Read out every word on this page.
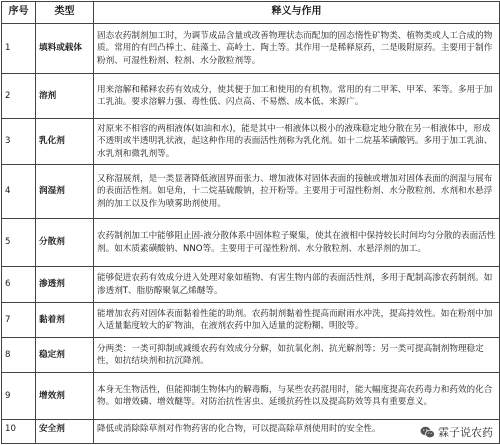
序号	类型	释义与作用
1	填料或载体	固态农药制剂加工时，为调节成品含量或改善物理状态而配加的固态惰性矿物类、植物类或人工合成的物质。常用的有凹凸棒土、硅藻土、高岭土、陶土等。其作用一是稀释原药，二是吸附原药。主要用于制作粉剂、可湿性粉剂、粒剂、水分散粒剂等。
2	溶剂	用来溶解和稀释农药有效成分，使其便于加工和使用的有机物。常用的有二甲苯、甲苯、苯等。多用于加工乳油。要求溶解力强、毒性低、闪点高、不易燃、成本低、来源广。
3	乳化剂	对原来不相容的两相液体(如油和水)，能是其中一相液体以极小的液珠稳定地分散在另一相液体中，形成不透明或半透明乳状液，起这种作用的表面活性剂称为乳化剂。如十二烷基苯磺酸钙。多用于加工乳油、水乳剂和微乳剂等。
4	润湿剂	又称湿展剂，是一类显著降低液固界面张力、增加液体对固体表面的接触或增加对固体表面的润湿与展布的表面活性剂。如皂角，十二烷基硫酸钠，拉开粉等。主要用于可湿性粉剂、水分散粒剂、水剂和水悬浮剂的加工以及作为喷雾助剂使用。
5	分散剂	农药制剂加工中能够阻止固-液分散体系中固体粒子聚集，使其在液相中保持较长时间均匀分散的表面活性剂。如木质素磺酸钠、NNO等。主要用于可湿性粉剂、水分散粒剂、水悬浮剂的加工。
6	渗透剂	能够促进农药有效成分进入处理对象如植物、有害生物内部的表面活性剂，多用于配制高渗农药制剂。如渗透剂T、脂肪醇聚氧乙烯醚等。
7	黏着剂	能增加农药对固体表面黏着性能的助剂。农药制剂黏着性提高而耐雨水冲洗，提高持效性。如在粉剂中加入适量黏度较大的矿物油，在液剂农药中加入适量的淀粉糊、明胶等。
8	稳定剂	分两类：一类可抑制或减缓农药有效成分分解，如抗氧化剂、抗光解剂等；另一类可提高制剂物理稳定性，如抗结块剂和抗沉降剂。
9	增效剂	本身无生物活性，但能抑制生物体内的解毒酶，与某些农药混用时，能大幅度提高农药毒力和药效的化合物。如增效磷、增效醚等。对防治抗性害虫、延缓抗药性以及提高防效等具有重要意义。
10	安全剂	降低或消除除草剂对作物药害的化合物，可以提高除草剂使用时的安全性。	霖子说农药
